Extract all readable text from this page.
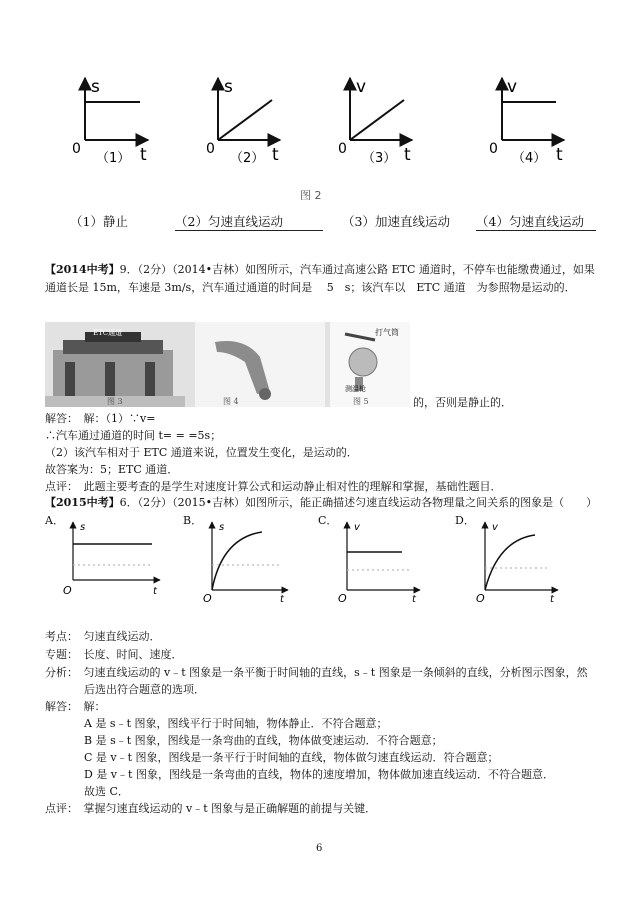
s
0	t
（1）
s
0	t
（2）
v
0	t
（3）
v
0	t
（4）
图 2
（1）静止	（2）匀速直线运动	（3）加速直线运动 （4）匀速直线运动
【2014中考】9．（2分）（2014•吉林）如图所示，汽车通过高速公路 ETC 通道时，不停车也能缴费通过，如果
通道长是 15m，车速是 3m/s，汽车通过通道的时间是　 5　s；该汽车以　ETC 通道　为参照物是运动的．
ETC通道	打气筒
测温枪
图 3	图 4	图 5	的，否则是静止的．
解答：　解：（1）∵v=
∴汽车通过通道的时间 t= = =5s；
（2）该汽车相对于 ETC 通道来说，位置发生变化，是运动的．
故答案为：5；ETC 通道．
点评：　此题主要考查的是学生对速度计算公式和运动静止相对性的理解和掌握，基础性题目．
【2015中考】6．（2分）（2015•吉林）如图所示，能正确描述匀速直线运动各物理量之间关系的图象是（　　）
A．	B．	C．	D．
s
O	t
s
O	t
v
O	t
v
O	t
考点：　匀速直线运动．
专题：　长度、时间、速度．
分析：　匀速直线运动的 v﹣t 图象是一条平衡于时间轴的直线，s﹣t 图象是一条倾斜的直线，分析图示图象，然
后选出符合题意的选项．
解答：　解：
A 是 s﹣t 图象，图线平行于时间轴，物体静止．不符合题意；
B 是 s﹣t 图象，图线是一条弯曲的直线，物体做变速运动．不符合题意；
C 是 v﹣t 图象，图线是一条平行于时间轴的直线，物体做匀速直线运动．符合题意；
D 是 v﹣t 图象，图线是一条弯曲的直线，物体的速度增加，物体做加速直线运动．不符合题意．
故选 C．
点评：　掌握匀速直线运动的 v﹣t 图象与是正确解题的前提与关键．
6
